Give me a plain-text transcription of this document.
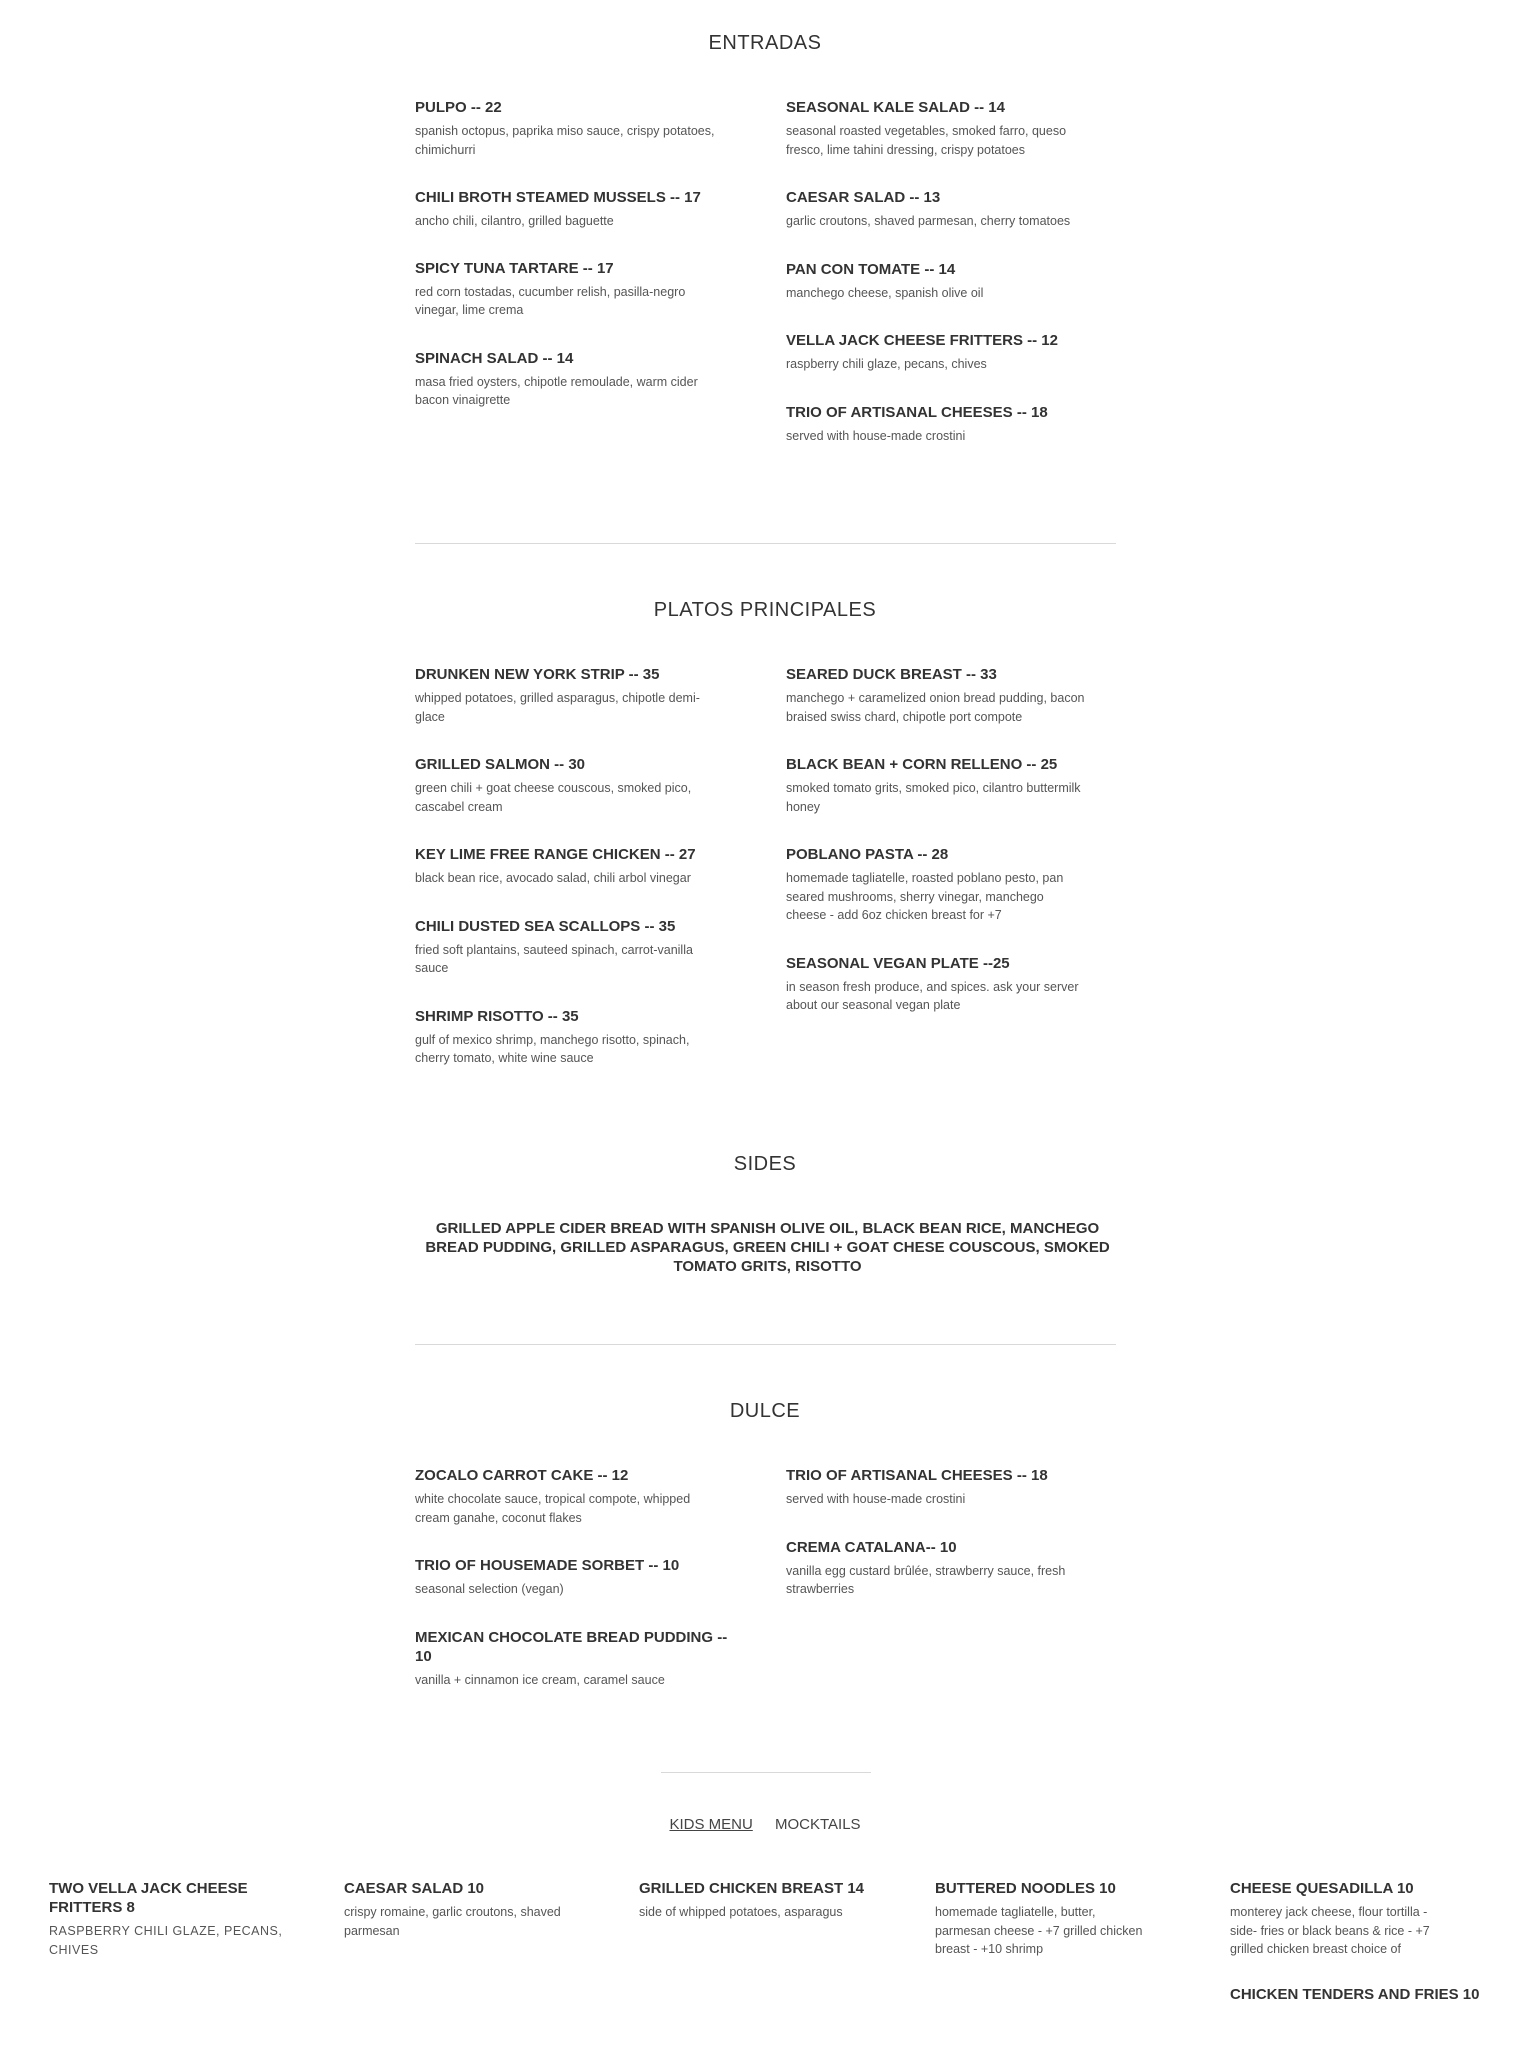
ENTRADAS
PULPO -- 22

spanish octopus, paprika miso sauce, crispy potatoes, chimichurri

CHILI BROTH STEAMED MUSSELS -- 17

ancho chili, cilantro, grilled baguette

SPICY TUNA TARTARE -- 17

red corn tostadas, cucumber relish, pasilla-negro vinegar, lime crema

SPINACH SALAD -- 14

masa fried oysters, chipotle remoulade, warm cider bacon vinaigrette

SEASONAL KALE SALAD -- 14

seasonal roasted vegetables, smoked farro, queso fresco, lime tahini dressing, crispy potatoes

CAESAR SALAD -- 13

garlic croutons, shaved parmesan, cherry tomatoes

PAN CON TOMATE -- 14

manchego cheese, spanish olive oil

VELLA JACK CHEESE FRITTERS -- 12

raspberry chili glaze, pecans, chives

TRIO OF ARTISANAL CHEESES -- 18

served with house-made crostini

PLATOS PRINCIPALES
DRUNKEN NEW YORK STRIP -- 35

whipped potatoes, grilled asparagus, chipotle demi-glace

GRILLED SALMON -- 30

green chili + goat cheese couscous, smoked pico, cascabel cream

KEY LIME FREE RANGE CHICKEN -- 27

black bean rice, avocado salad, chili arbol vinegar

CHILI DUSTED SEA SCALLOPS -- 35

fried soft plantains, sauteed spinach, carrot-vanilla sauce

SHRIMP RISOTTO -- 35

gulf of mexico shrimp, manchego risotto, spinach, cherry tomato, white wine sauce

SEARED DUCK BREAST -- 33

manchego + caramelized onion bread pudding, bacon braised swiss chard, chipotle port compote

BLACK BEAN + CORN RELLENO -- 25

smoked tomato grits, smoked pico, cilantro buttermilk honey

POBLANO PASTA -- 28

homemade tagliatelle, roasted poblano pesto, pan seared mushrooms, sherry vinegar, manchego cheese - add 6oz chicken breast for +7

SEASONAL VEGAN PLATE --25

in season fresh produce, and spices. ask your server about our seasonal vegan plate

SIDES

GRILLED APPLE CIDER BREAD WITH SPANISH OLIVE OIL, BLACK BEAN RICE, MANCHEGO BREAD PUDDING, GRILLED ASPARAGUS, GREEN CHILI + GOAT CHESE COUSCOUS, SMOKED TOMATO GRITS, RISOTTO

DULCE
ZOCALO CARROT CAKE -- 12

white chocolate sauce, tropical compote, whipped cream ganahe, coconut flakes

TRIO OF HOUSEMADE SORBET -- 10

seasonal selection (vegan)

MEXICAN CHOCOLATE BREAD PUDDING -- 10

vanilla + cinnamon ice cream, caramel sauce

TRIO OF ARTISANAL CHEESES -- 18

served with house-made crostini

CREMA CATALANA-- 10

vanilla egg custard brûlée, strawberry sauce, fresh strawberries

KIDS MENU MOCKTAILS
TWO VELLA JACK CHEESE FRITTERS 8

RASPBERRY CHILI GLAZE, PECANS, CHIVES

CAESAR SALAD 10

crispy romaine, garlic croutons, shaved parmesan

GRILLED CHICKEN BREAST 14

side of whipped potatoes, asparagus

BUTTERED NOODLES 10

homemade tagliatelle, butter, parmesan cheese - +7 grilled chicken breast - +10 shrimp

CHEESE QUESADILLA 10

monterey jack cheese, flour tortilla - side- fries or black beans & rice - +7 grilled chicken breast choice of

CHICKEN TENDERS AND FRIES 10
